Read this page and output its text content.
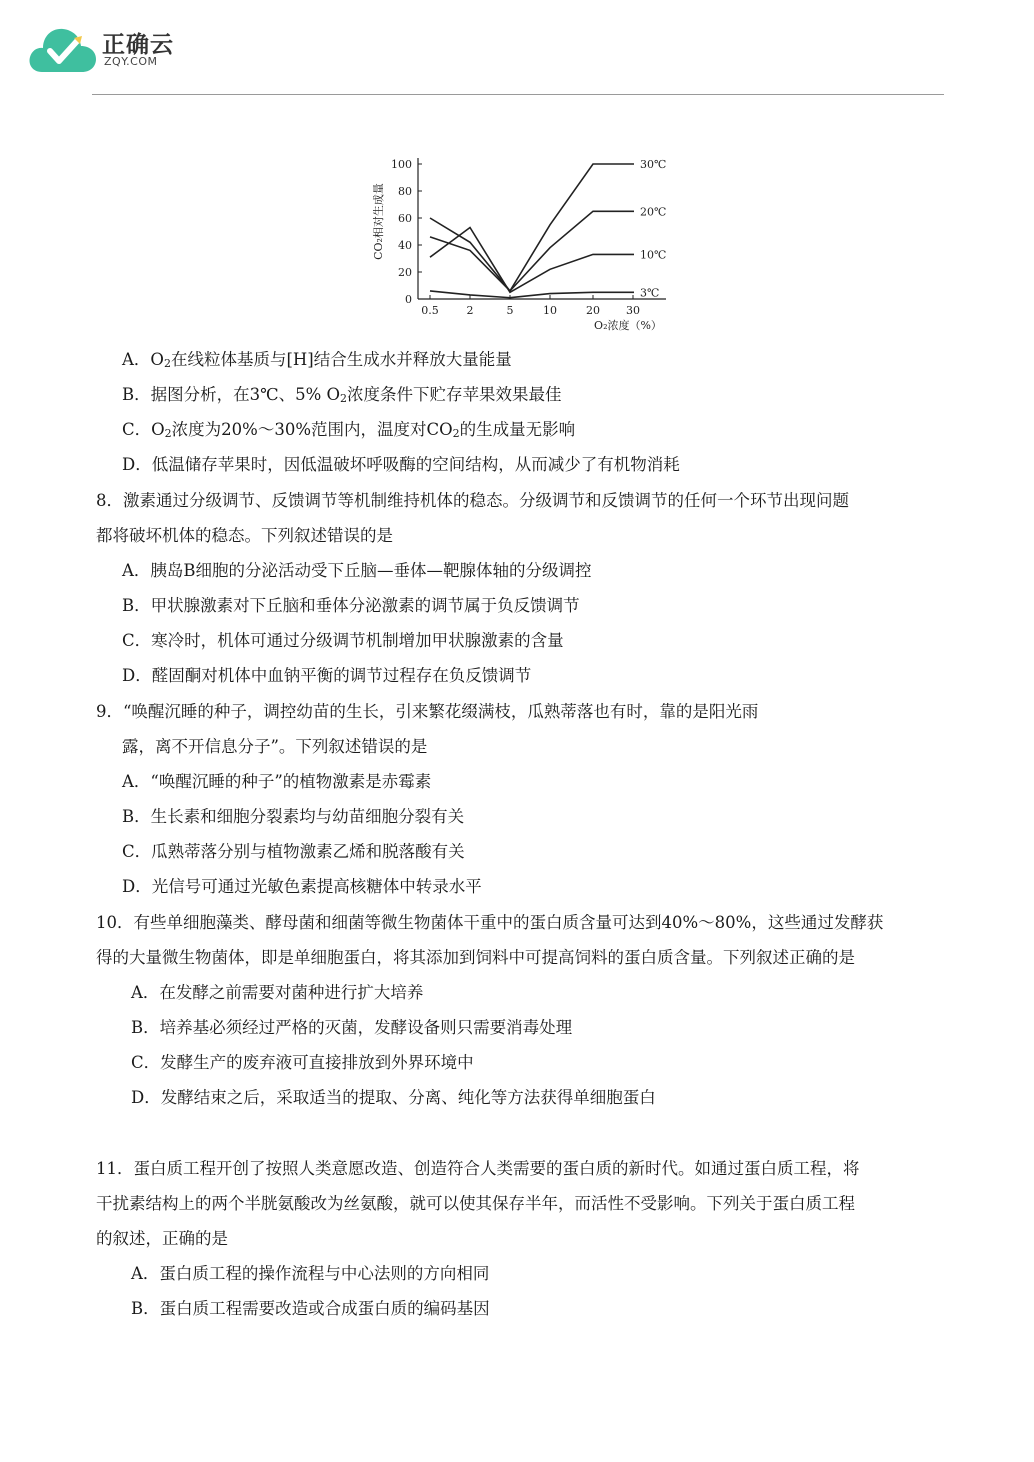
正确云
ZQY.COM
0
20
40
60
80
100
0.5	2	5	10	20 30
30℃
20℃
10℃
3℃
O₂浓度（%）
CO₂相对生成量
A．$O_2$在线粒体基质与[H]结合生成水并释放大量能量
B．据图分析，在3℃、5% $O_2$浓度条件下贮存苹果效果最佳
C．$O_2$浓度为20%～30%范围内，温度对$CO_2$的生成量无影响
D．低温储存苹果时，因低温破坏呼吸酶的空间结构，从而减少了有机物消耗
8．激素通过分级调节、反馈调节等机制维持机体的稳态。分级调节和反馈调节的任何一个环节出现问题
都将破坏机体的稳态。下列叙述错误的是
A．胰岛B细胞的分泌活动受下丘脑—垂体—靶腺体轴的分级调控
B．甲状腺激素对下丘脑和垂体分泌激素的调节属于负反馈调节
C．寒冷时，机体可通过分级调节机制增加甲状腺激素的含量
D．醛固酮对机体中血钠平衡的调节过程存在负反馈调节
9．“唤醒沉睡的种子，调控幼苗的生长，引来繁花缀满枝，瓜熟蒂落也有时，靠的是阳光雨
露，离不开信息分子”。下列叙述错误的是
A．“唤醒沉睡的种子”的植物激素是赤霉素
B．生长素和细胞分裂素均与幼苗细胞分裂有关
C．瓜熟蒂落分别与植物激素乙烯和脱落酸有关
D．光信号可通过光敏色素提高核糖体中转录水平
10．有些单细胞藻类、酵母菌和细菌等微生物菌体干重中的蛋白质含量可达到40%～80%，这些通过发酵获
得的大量微生物菌体，即是单细胞蛋白，将其添加到饲料中可提高饲料的蛋白质含量。下列叙述正确的是
A．在发酵之前需要对菌种进行扩大培养
B．培养基必须经过严格的灭菌，发酵设备则只需要消毒处理
C．发酵生产的废弃液可直接排放到外界环境中
D．发酵结束之后，采取适当的提取、分离、纯化等方法获得单细胞蛋白
11．蛋白质工程开创了按照人类意愿改造、创造符合人类需要的蛋白质的新时代。如通过蛋白质工程，将
干扰素结构上的两个半胱氨酸改为丝氨酸，就可以使其保存半年，而活性不受影响。下列关于蛋白质工程
的叙述，正确的是
A．蛋白质工程的操作流程与中心法则的方向相同
B．蛋白质工程需要改造或合成蛋白质的编码基因
